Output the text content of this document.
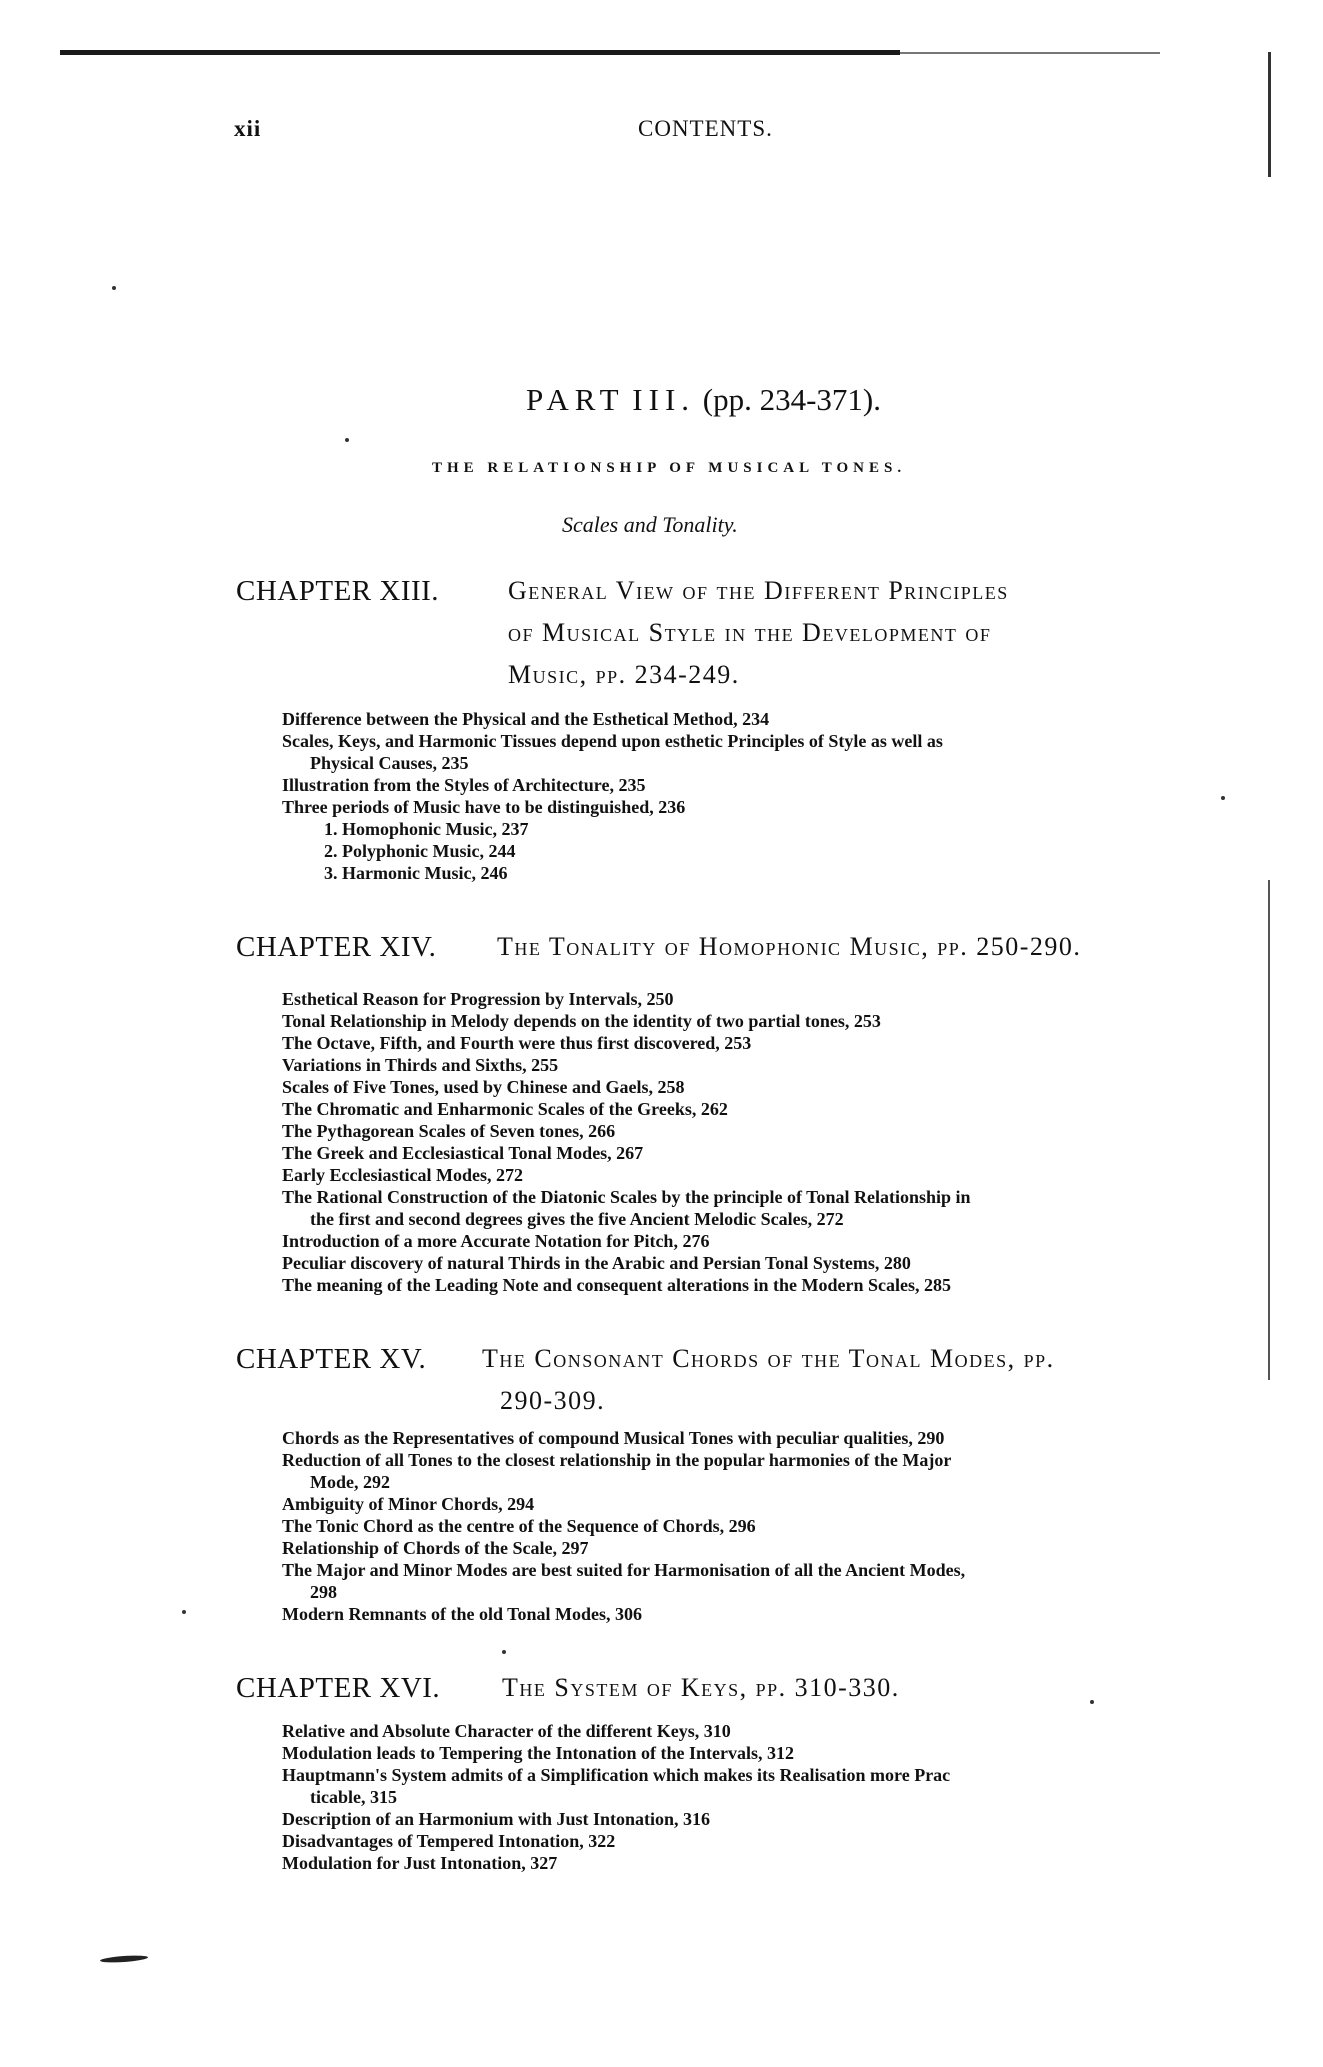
xii	CONTENTS.
PART III. (pp. 234-371).
THE RELATIONSHIP OF MUSICAL TONES.
Scales and Tonality.
CHAPTER XIII.	General View of the Different Principles
of Musical Style in the Development of
Music, pp. 234-249.
Difference between the Physical and the Esthetical Method, 234
Scales, Keys, and Harmonic Tissues depend upon esthetic Principles of Style as well as
Physical Causes, 235
Illustration from the Styles of Architecture, 235
Three periods of Music have to be distinguished, 236
1. Homophonic Music, 237
2. Polyphonic Music, 244
3. Harmonic Music, 246
CHAPTER XIV. The Tonality of Homophonic Music, pp. 250-290.
Esthetical Reason for Progression by Intervals, 250
Tonal Relationship in Melody depends on the identity of two partial tones, 253
The Octave, Fifth, and Fourth were thus first discovered, 253
Variations in Thirds and Sixths, 255
Scales of Five Tones, used by Chinese and Gaels, 258
The Chromatic and Enharmonic Scales of the Greeks, 262
The Pythagorean Scales of Seven tones, 266
The Greek and Ecclesiastical Tonal Modes, 267
Early Ecclesiastical Modes, 272
The Rational Construction of the Diatonic Scales by the principle of Tonal Relationship in
the first and second degrees gives the five Ancient Melodic Scales, 272
Introduction of a more Accurate Notation for Pitch, 276
Peculiar discovery of natural Thirds in the Arabic and Persian Tonal Systems, 280
The meaning of the Leading Note and consequent alterations in the Modern Scales, 285
CHAPTER XV. The Consonant Chords of the Tonal Modes, pp.
290-309.
Chords as the Representatives of compound Musical Tones with peculiar qualities, 290
Reduction of all Tones to the closest relationship in the popular harmonies of the Major
Mode, 292
Ambiguity of Minor Chords, 294
The Tonic Chord as the centre of the Sequence of Chords, 296
Relationship of Chords of the Scale, 297
The Major and Minor Modes are best suited for Harmonisation of all the Ancient Modes,
298
Modern Remnants of the old Tonal Modes, 306
CHAPTER XVI. The System of Keys, pp. 310-330.
Relative and Absolute Character of the different Keys, 310
Modulation leads to Tempering the Intonation of the Intervals, 312
Hauptmann's System admits of a Simplification which makes its Realisation more Prac
ticable, 315
Description of an Harmonium with Just Intonation, 316
Disadvantages of Tempered Intonation, 322
Modulation for Just Intonation, 327
